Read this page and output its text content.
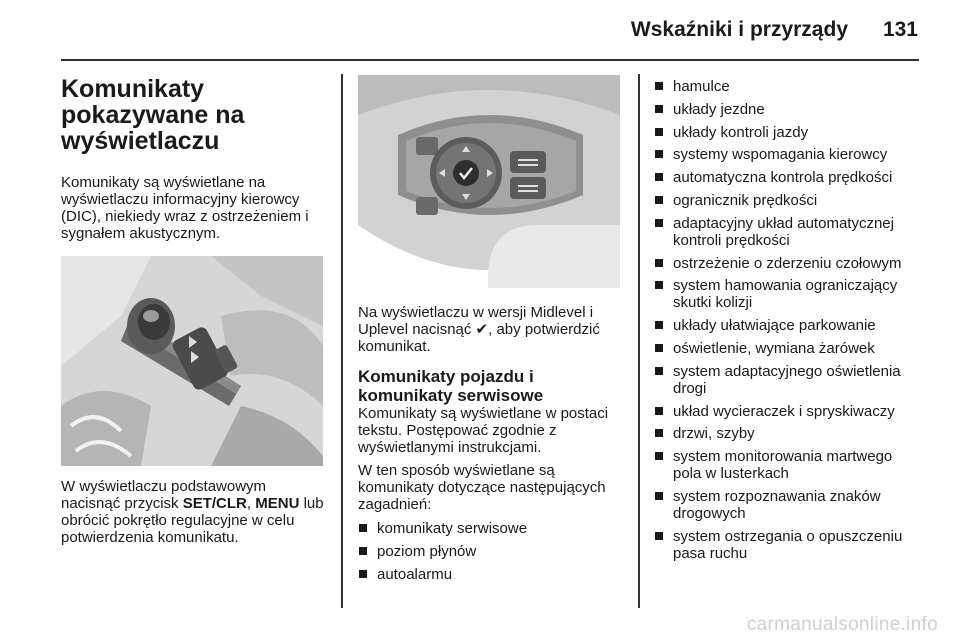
Wskaźniki i przyrządy 131
Komunikaty
pokazywane na
wyświetlaczu

Komunikaty są wyświetlane na wyświetlaczu informacyjny kierowcy (DIC), niekiedy wraz z ostrzeżeniem i sygnałem akustycznym.

W wyświetlaczu podstawowym nacisnąć przycisk SET/CLR, MENU lub obrócić pokrętło regulacyjne w celu potwierdzenia komunikatu.

Na wyświetlaczu w wersji Midlevel i Uplevel nacisnąć ✔, aby potwierdzić komunikat.

Komunikaty pojazdu i
komunikaty serwisowe

Komunikaty są wyświetlane w postaci tekstu. Postępować zgodnie z wyświetlanymi instrukcjami.

W ten sposób wyświetlane są komunikaty dotyczące następujących zagadnień:

komunikaty serwisowe
poziom płynów
autoalarmu
hamulce
układy jezdne
układy kontroli jazdy
systemy wspomagania kierowcy
automatyczna kontrola prędkości
ogranicznik prędkości
adaptacyjny układ automatycznej kontroli prędkości
ostrzeżenie o zderzeniu czołowym
system hamowania ograniczający skutki kolizji
układy ułatwiające parkowanie
oświetlenie, wymiana żarówek
system adaptacyjnego oświetlenia drogi
układ wycieraczek i spryskiwaczy
drzwi, szyby
system monitorowania martwego pola w lusterkach
system rozpoznawania znaków drogowych
system ostrzegania o opuszczeniu pasa ruchu
carmanualsonline.info
